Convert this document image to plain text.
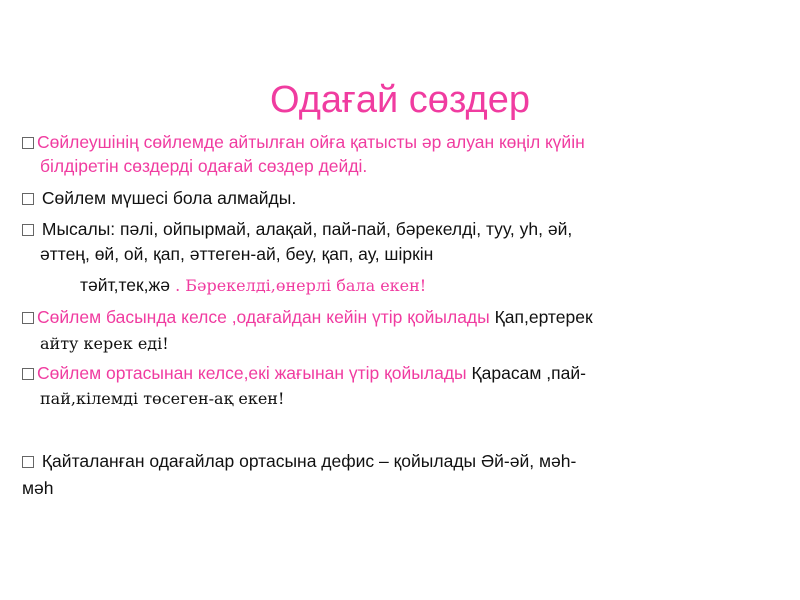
Одағай сөздер
Сөйлеушінің сөйлемде айтылған ойға қатысты әр алуан көңіл күйін
білдіретін сөздерді одағай сөздер дейді.
Сөйлем мүшесі бола алмайды.
Мысалы: пәлі, ойпырмай, алақай, пай-пай, бәрекелді, туу, уһ, әй,
әттең, өй, ой, қап, әттеген-ай, беу, қап, ау, шіркін
тәйт,тек,жә . Бәрекелді,өнерлі бала екен!
Сөйлем басында келсе ,одағайдан кейін үтір қойылады Қап,ертерек
айту керек еді!
Сөйлем ортасынан келсе,екі жағынан үтір қойылады Қарасам ,пай-
пай,кілемді төсеген-ақ екен!
Қайталанған одағайлар ортасына дефис – қойылады Әй-әй, мәһ-
мәһ
